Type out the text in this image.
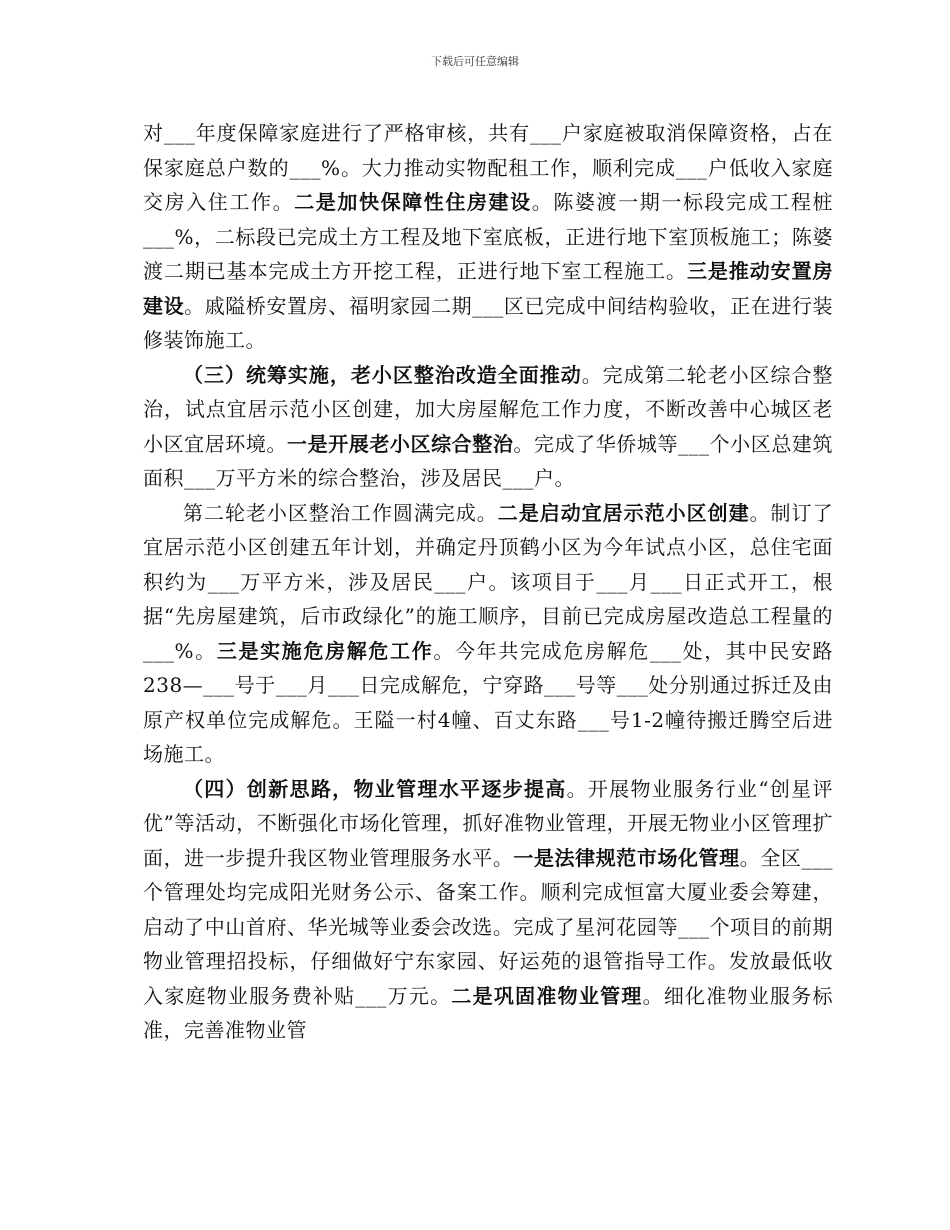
下载后可任意编辑

对___年度保障家庭进行了严格审核，共有___户家庭被取消保障资格，占在保家庭总户数的___%。大力推动实物配租工作，顺利完成___户低收入家庭交房入住工作。二是加快保障性住房建设。陈婆渡一期一标段完成工程桩___%，二标段已完成土方工程及地下室底板，正进行地下室顶板施工；陈婆渡二期已基本完成土方开挖工程，正进行地下室工程施工。三是推动安置房建设。戚隘桥安置房、福明家园二期___区已完成中间结构验收，正在进行装修装饰施工。

（三）统筹实施，老小区整治改造全面推动。完成第二轮老小区综合整治，试点宜居示范小区创建，加大房屋解危工作力度，不断改善中心城区老小区宜居环境。一是开展老小区综合整治。完成了华侨城等___个小区总建筑面积___万平方米的综合整治，涉及居民___户。

第二轮老小区整治工作圆满完成。二是启动宜居示范小区创建。制订了宜居示范小区创建五年计划，并确定丹顶鹤小区为今年试点小区，总住宅面积约为___万平方米，涉及居民___户。该项目于___月___日正式开工，根据“先房屋建筑，后市政绿化”的施工顺序，目前已完成房屋改造总工程量的___%。三是实施危房解危工作。今年共完成危房解危___处，其中民安路238—___号于___月___日完成解危，宁穿路___号等___处分别通过拆迁及由原产权单位完成解危。王隘一村4幢、百丈东路___号1-2幢待搬迁腾空后进场施工。

（四）创新思路，物业管理水平逐步提高。开展物业服务行业“创星评优”等活动，不断强化市场化管理，抓好准物业管理，开展无物业小区管理扩面，进一步提升我区物业管理服务水平。一是法律规范市场化管理。全区___个管理处均完成阳光财务公示、备案工作。顺利完成恒富大厦业委会筹建，启动了中山首府、华光城等业委会改选。完成了星河花园等___个项目的前期物业管理招投标，仔细做好宁东家园、好运苑的退管指导工作。发放最低收入家庭物业服务费补贴___万元。二是巩固准物业管理。细化准物业服务标准，完善准物业管
